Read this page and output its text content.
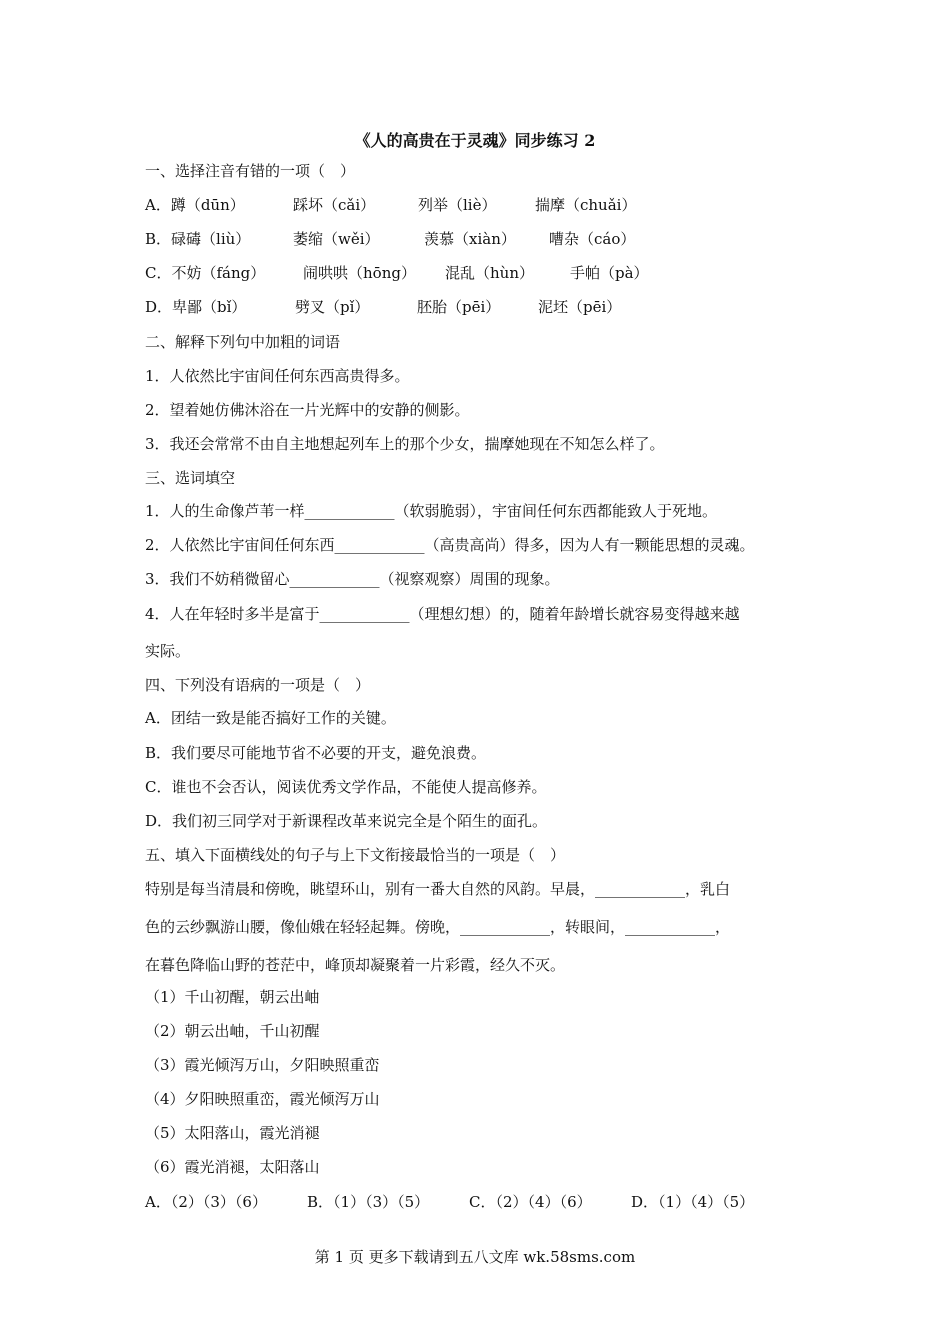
《人的高贵在于灵魂》同步练习 2
一、选择注音有错的一项（　）
A．蹲（dūn）	踩坏（cǎi）	列举（liè）	揣摩（chuǎi）
B．碌碡（liù）	萎缩（wěi）	羡慕（xiàn） 嘈杂（cáo）
C．不妨（fáng）	闹哄哄（hōng） 混乱（hùn） 手帕（pà）
D．卑鄙（bǐ）	劈叉（pǐ）	胚胎（pēi）	泥坯（pēi）
二、解释下列句中加粗的词语
1．人依然比宇宙间任何东西高贵得多。
2．望着她仿佛沐浴在一片光辉中的安静的侧影。
3．我还会常常不由自主地想起列车上的那个少女，揣摩她现在不知怎么样了。
三、选词填空
1．人的生命像芦苇一样____________（软弱脆弱），宇宙间任何东西都能致人于死地。
2．人依然比宇宙间任何东西____________（高贵高尚）得多，因为人有一颗能思想的灵魂。
3．我们不妨稍微留心____________（视察观察）周围的现象。
4．人在年轻时多半是富于____________（理想幻想）的，随着年龄增长就容易变得越来越
实际。
四、下列没有语病的一项是（　）
A．团结一致是能否搞好工作的关键。
B．我们要尽可能地节省不必要的开支，避免浪费。
C．谁也不会否认，阅读优秀文学作品，不能使人提高修养。
D．我们初三同学对于新课程改革来说完全是个陌生的面孔。
五、填入下面横线处的句子与上下文衔接最恰当的一项是（　）
特别是每当清晨和傍晚，眺望环山，别有一番大自然的风韵。早晨，____________，乳白
色的云纱飘游山腰，像仙娥在轻轻起舞。傍晚，____________，转眼间，____________，
在暮色降临山野的苍茫中，峰顶却凝聚着一片彩霞，经久不灭。
（1）千山初醒，朝云出岫
（2）朝云出岫，千山初醒
（3）霞光倾泻万山，夕阳映照重峦
（4）夕阳映照重峦，霞光倾泻万山
（5）太阳落山，霞光消褪
（6）霞光消褪，太阳落山
A．（2）（3）（6）	B．（1）（3）（5）	C．（2）（4）（6）	D．（1）（4）（5）
第 1 页 更多下载请到五八文库 wk.58sms.com
